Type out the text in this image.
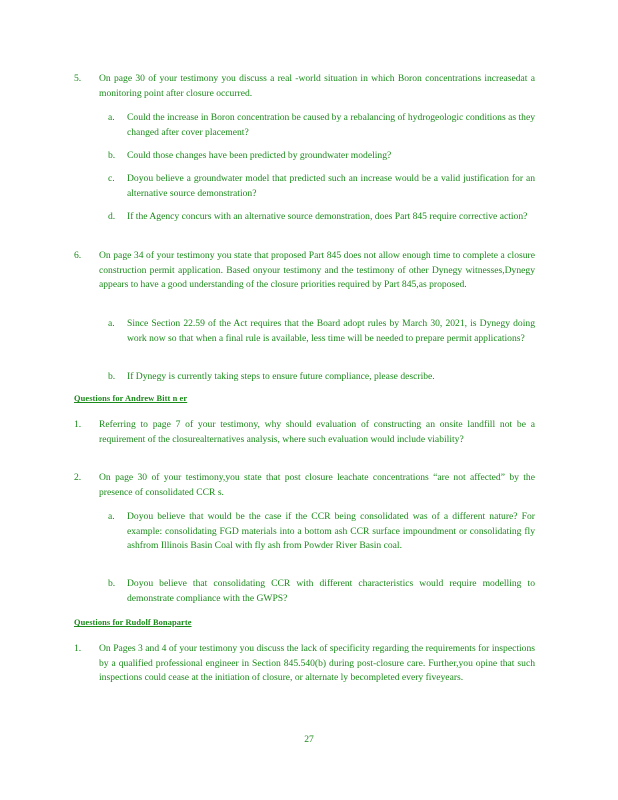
5. On page 30 of your testimony you discuss a real -world situation in which Boron concentrations increasedat a monitoring point after closure occurred.
a. Could the increase in Boron concentration be caused by a rebalancing of hydrogeologic conditions as they changed after cover placement?
b. Could those changes have been predicted by groundwater modeling?
c. Doyou believe a groundwater model that predicted such an increase would be a valid justification for an alternative source demonstration?
d. If the Agency concurs with an alternative source demonstration, does Part 845 require corrective action?
6. On page 34 of your testimony you state that proposed Part 845 does not allow enough time to complete a closure construction permit application. Based onyour testimony and the testimony of other Dynegy witnesses,Dynegy appears to have a good understanding of the closure priorities required by Part 845,as proposed.
a. Since Section 22.59 of the Act requires that the Board adopt rules by March 30, 2021, is Dynegy doing work now so that when a final rule is available, less time will be needed to prepare permit applications?
b. If Dynegy is currently taking steps to ensure future compliance, please describe.
Questions for Andrew Bitt n er
1. Referring to page 7 of your testimony, why should evaluation of constructing an onsite landfill not be a requirement of the closurealternatives analysis, where such evaluation would include viability?
2. On page 30 of your testimony,you state that post closure leachate concentrations “are not affected” by the presence of consolidated CCR s.
a. Doyou believe that would be the case if the CCR being consolidated was of a different nature? For example: consolidating FGD materials into a bottom ash CCR surface impoundment or consolidating fly ashfrom Illinois Basin Coal with fly ash from Powder River Basin coal.
b. Doyou believe that consolidating CCR with different characteristics would require modelling to demonstrate compliance with the GWPS?
Questions for Rudolf Bonaparte
1. On Pages 3 and 4 of your testimony you discuss the lack of specificity regarding the requirements for inspections by a qualified professional engineer in Section 845.540(b) during post-closure care. Further,you opine that such inspections could cease at the initiation of closure, or alternate ly becompleted every fiveyears.
27
